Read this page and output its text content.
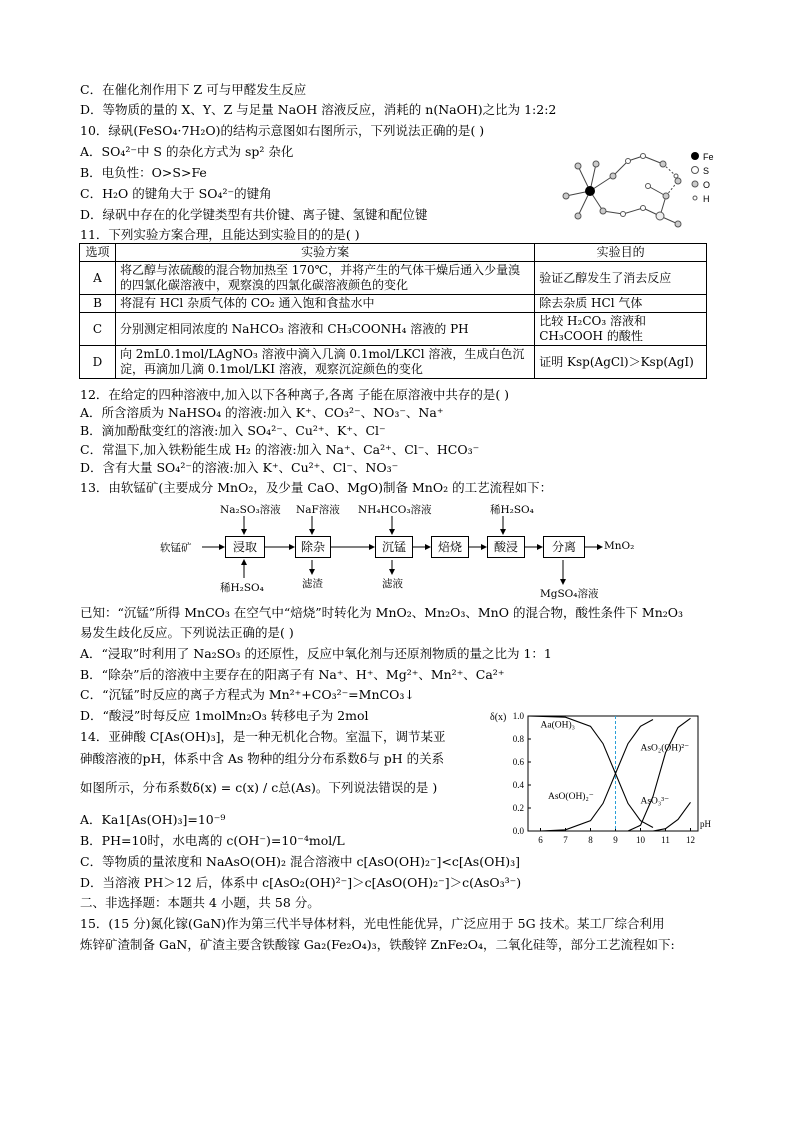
C．在催化剂作用下 Z 可与甲醛发生反应
D．等物质的量的 X、Y、Z 与足量 NaOH 溶液反应，消耗的 n(NaOH)之比为 1:2:2
10．绿矾(FeSO₄·7H₂O)的结构示意图如右图所示，下列说法正确的是( )
A．SO₄²⁻中 S 的杂化方式为 sp² 杂化
B．电负性：O>S>Fe
C．H₂O 的键角大于 SO₄²⁻的键角
D．绿矾中存在的化学键类型有共价键、离子键、氢键和配位键
Fe
S
O
H
11．下列实验方案合理，且能达到实验目的的是( )
选项	实验方案	实验目的
A	将乙醇与浓硫酸的混合物加热至 170℃，并将产生的气体干燥后通入少量溴的四氯化碳溶液中，观察溴的四氯化碳溶液颜色的变化	验证乙醇发生了消去反应
B	将混有 HCl 杂质气体的 CO₂ 通入饱和食盐水中	除去杂质 HCl 气体
C	分别测定相同浓度的 NaHCO₃ 溶液和 CH₃COONH₄ 溶液的 PH	比较 H₂CO₃ 溶液和 CH₃COOH 的酸性
D	向 2mL0.1mol/LAgNO₃ 溶液中滴入几滴 0.1mol/LKCl 溶液，生成白色沉淀，再滴加几滴 0.1mol/LKI 溶液，观察沉淀颜色的变化	证明 Ksp(AgCl)＞Ksp(AgI)
12．在给定的四种溶液中,加入以下各种离子,各离 子能在原溶液中共存的是( )
A．所含溶质为 NaHSO₄ 的溶液:加入 K⁺、CO₃²⁻、NO₃⁻、Na⁺
B．滴加酚酞变红的溶液:加入 SO₄²⁻、Cu²⁺、K⁺、Cl⁻
C．常温下,加入铁粉能生成 H₂ 的溶液:加入 Na⁺、Ca²⁺、Cl⁻、HCO₃⁻
D．含有大量 SO₄²⁻的溶液:加入 K⁺、Cu²⁺、Cl⁻、NO₃⁻
13．由软锰矿(主要成分 MnO₂，及少量 CaO、MgO)制备 MnO₂ 的工艺流程如下：
软锰矿	浸取	除杂	沉锰	焙烧	酸浸	分离	MnO₂
Na₂SO₃溶液 NaF溶液 NH₄HCO₃溶液	稀H₂SO₄
稀H₂SO₄	滤渣	滤液
MgSO₄溶液
已知：“沉锰”所得 MnCO₃ 在空气中“焙烧”时转化为 MnO₂、Mn₂O₃、MnO 的混合物，酸性条件下 Mn₂O₃
易发生歧化反应。下列说法正确的是( )
A．“浸取”时利用了 Na₂SO₃ 的还原性，反应中氧化剂与还原剂物质的量之比为 1：1
B．“除杂”后的溶液中主要存在的阳离子有 Na⁺、H⁺、Mg²⁺、Mn²⁺、Ca²⁺
C．“沉锰”时反应的离子方程式为 Mn²⁺+CO₃²⁻=MnCO₃↓
D．“酸浸”时每反应 1molMn₂O₃ 转移电子为 2mol
14．亚砷酸 C[As(OH)₃]，是一种无机化合物。室温下，调节某亚
砷酸溶液的pH，体系中含 As 物种的组分分布系数δ与 pH 的关系
如图所示，分布系数δ(x) = c(x) / c总(As)。下列说法错误的是 )
6 7 8 9 10 11 12
0.0
0.2
0.4
0.6
0.8
1.0
δ(x)
pH
Aa(OH)₃
AsO(OH)₂⁻
AsO₂(OH)²⁻
AsO₃³⁻
A．Ka1[As(OH)₃]=10⁻⁹
B．PH=10时，水电离的 c(OH⁻)=10⁻⁴mol/L
C．等物质的量浓度和 NaAsO(OH)₂ 混合溶液中 c[AsO(OH)₂⁻]<c[As(OH)₃]
D．当溶液 PH＞12 后，体系中 c[AsO₂(OH)²⁻]＞c[AsO(OH)₂⁻]＞c(AsO₃³⁻)
二、非选择题：本题共 4 小题，共 58 分。
15．(15 分)氮化镓(GaN)作为第三代半导体材料，光电性能优异，广泛应用于 5G 技术。某工厂综合利用
炼锌矿渣制备 GaN，矿渣主要含铁酸镓 Ga₂(Fe₂O₄)₃，铁酸锌 ZnFe₂O₄，二氧化硅等，部分工艺流程如下:
